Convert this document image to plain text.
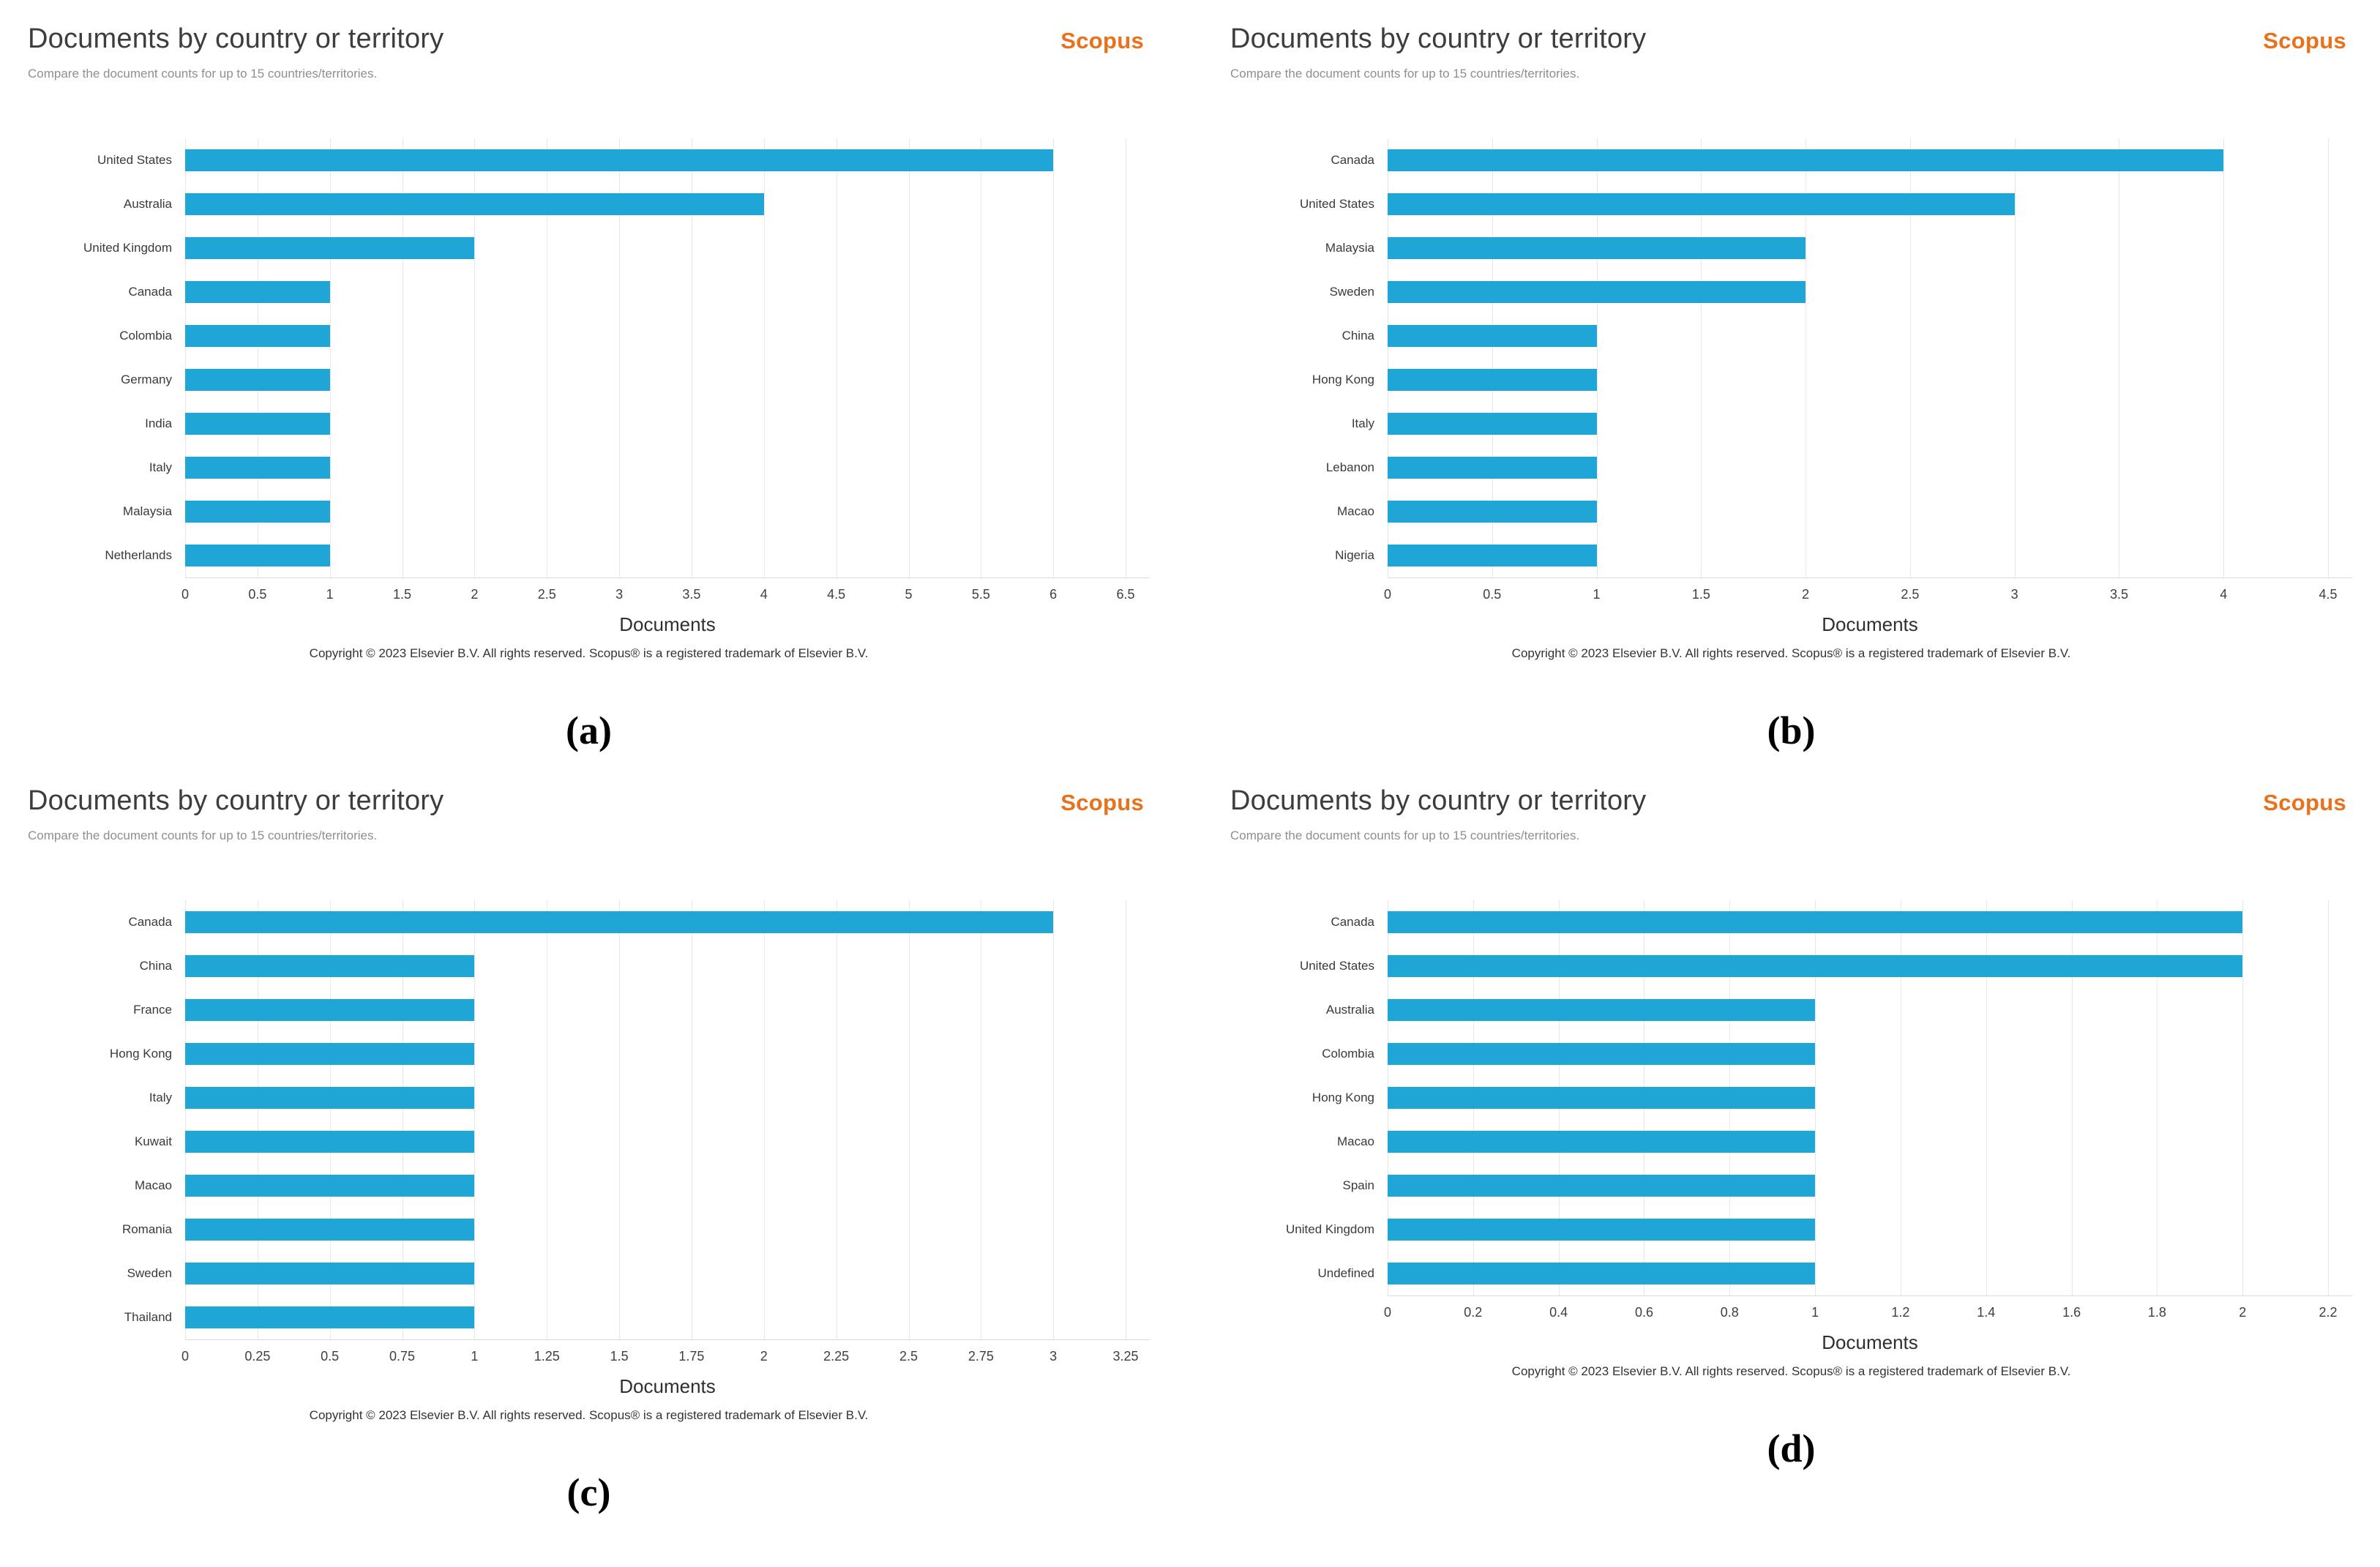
Documents by country or territory

Compare the document counts for up to 15 countries/territories.

Scopus
United States
Australia
United Kingdom
Canada
Colombia
Germany
India
Italy
Malaysia
Netherlands
0	0.5	1	1.5	2	2.5	3	3.5	4	4.5	5	5.5	6	6.5
Documents
Copyright © 2023 Elsevier B.V. All rights reserved. Scopus® is a registered trademark of Elsevier B.V.
(a)
Documents by country or territory

Compare the document counts for up to 15 countries/territories.

Scopus
Canada
United States
Malaysia
Sweden
China
Hong Kong
Italy
Lebanon
Macao
Nigeria
0	0.5	1	1.5	2	2.5	3	3.5	4	4.5
Documents
Copyright © 2023 Elsevier B.V. All rights reserved. Scopus® is a registered trademark of Elsevier B.V.
(b)
Documents by country or territory

Compare the document counts for up to 15 countries/territories.

Scopus
Canada
China
France
Hong Kong
Italy
Kuwait
Macao
Romania
Sweden
Thailand
0	0.25	0.5	0.75	1	1.25	1.5	1.75	2	2.25	2.5	2.75	3	3.25
Documents
Copyright © 2023 Elsevier B.V. All rights reserved. Scopus® is a registered trademark of Elsevier B.V.
(c)
Documents by country or territory

Compare the document counts for up to 15 countries/territories.

Scopus
Canada
United States
Australia
Colombia
Hong Kong
Macao
Spain
United Kingdom
Undefined
0	0.2	0.4	0.6	0.8	1	1.2	1.4	1.6	1.8	2	2.2
Documents
Copyright © 2023 Elsevier B.V. All rights reserved. Scopus® is a registered trademark of Elsevier B.V.
(d)
